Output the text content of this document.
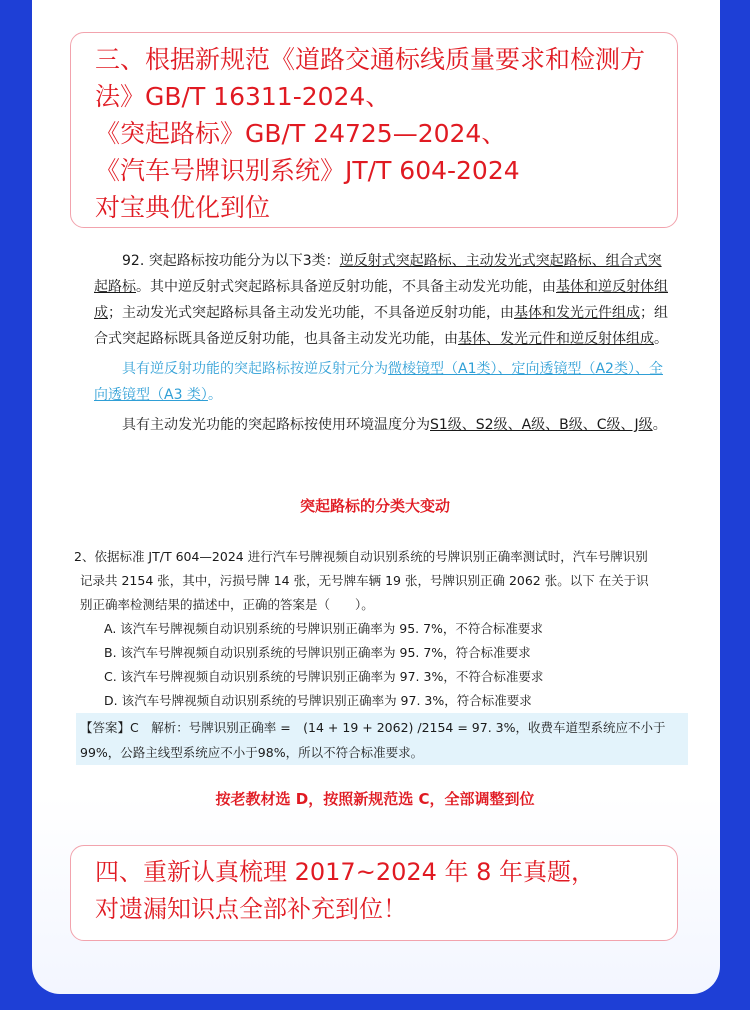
三、根据新规范《道路交通标线质量要求和检测方
法》GB/T 16311-2024、
《突起路标》GB/T 24725—2024、
《汽车号牌识别系统》JT/T 604-2024
对宝典优化到位

92. 突起路标按功能分为以下3类：逆反射式突起路标、主动发光式突起路标、组合式突起路标。其中逆反射式突起路标具备逆反射功能，不具备主动发光功能，由基体和逆反射体组成；主动发光式突起路标具备主动发光功能，不具备逆反射功能，由基体和发光元件组成；组合式突起路标既具备逆反射功能，也具备主动发光功能，由基体、发光元件和逆反射体组成。

具有逆反射功能的突起路标按逆反射元分为微棱镜型（A1类）、定向透镜型（A2类）、全向透镜型（A3 类）。

具有主动发光功能的突起路标按使用环境温度分为S1级、S2级、A级、B级、C级、J级。

突起路标的分类大变动
2、依据标准 JT/T 604—2024 进行汽车号牌视频自动识别系统的号牌识别正确率测试时，汽车号牌识别
记录共 2154 张，其中，污损号牌 14 张，无号牌车辆 19 张，号牌识别正确 2062 张。以下 在关于识
别正确率检测结果的描述中，正确的答案是（　　）。
A. 该汽车号牌视频自动识别系统的号牌识别正确率为 95. 7%，不符合标准要求
B. 该汽车号牌视频自动识别系统的号牌识别正确率为 95. 7%，符合标准要求
C. 该汽车号牌视频自动识别系统的号牌识别正确率为 97. 3%，不符合标准要求
D. 该汽车号牌视频自动识别系统的号牌识别正确率为 97. 3%，符合标准要求
【答案】C　解析：号牌识别正确率 =　(14 + 19 + 2062) /2154 = 97. 3%，收费车道型系统应不小于
99%，公路主线型系统应不小于98%，所以不符合标准要求。
按老教材选 D，按照新规范选 C，全部调整到位
四、重新认真梳理 2017~2024 年 8 年真题，
对遗漏知识点全部补充到位！
